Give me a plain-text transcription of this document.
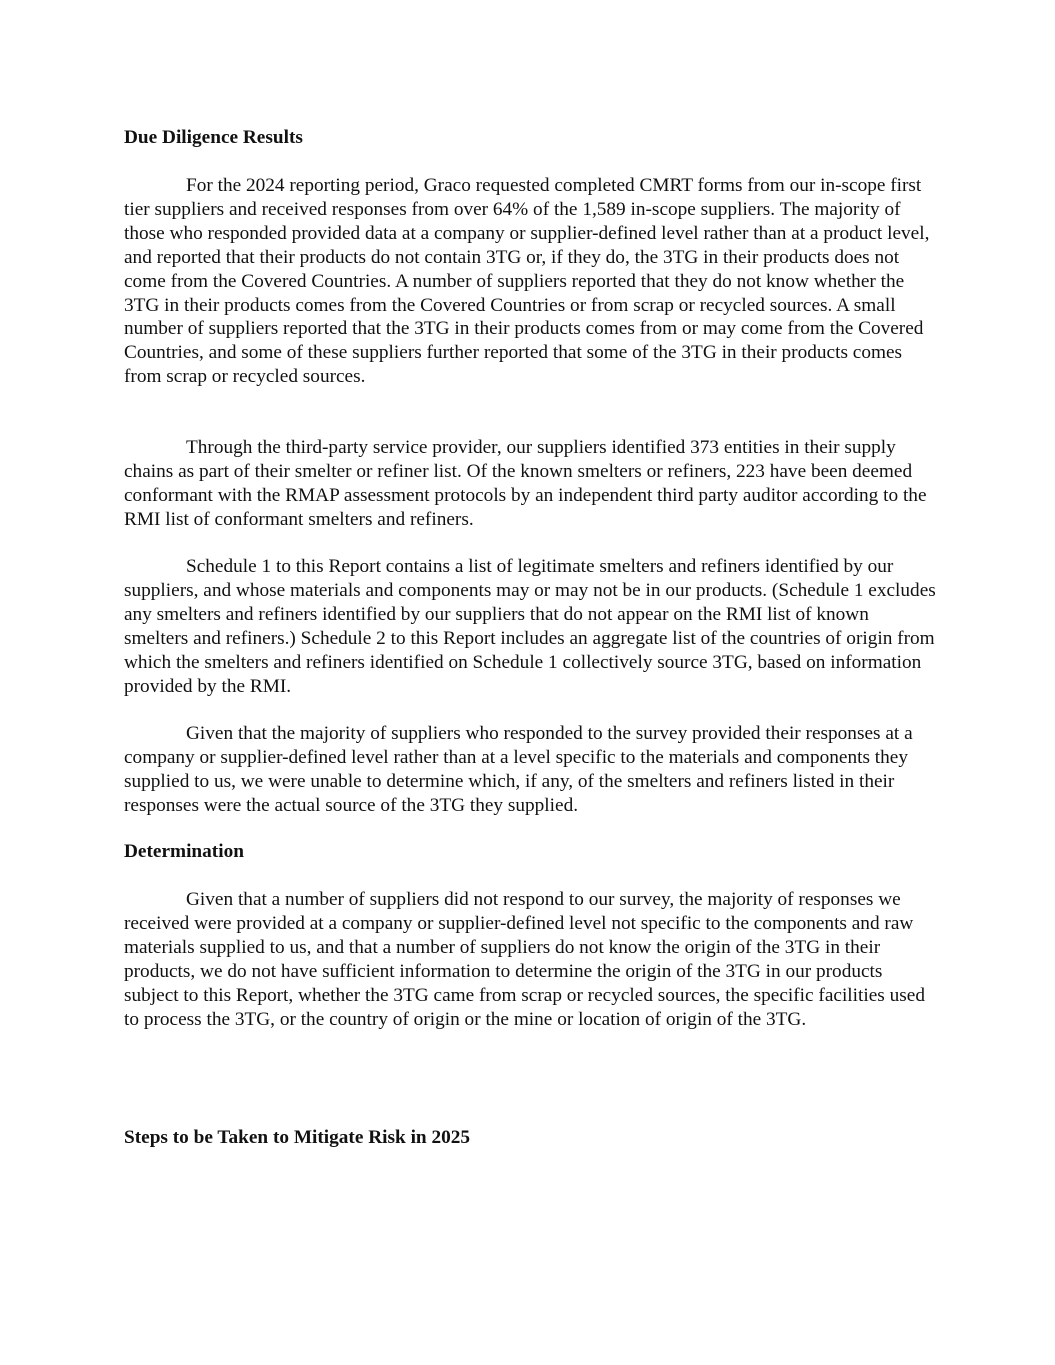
Due Diligence Results

For the 2024 reporting period, Graco requested completed CMRT forms from our in-scope first tier suppliers and received responses from over 64% of the 1,589 in-scope suppliers. The majority of those who responded provided data at a company or supplier-defined level rather than at a product level, and reported that their products do not contain 3TG or, if they do, the 3TG in their products does not come from the Covered Countries. A number of suppliers reported that they do not know whether the 3TG in their products comes from the Covered Countries or from scrap or recycled sources. A small number of suppliers reported that the 3TG in their products comes from or may come from the Covered Countries, and some of these suppliers further reported that some of the 3TG in their products comes from scrap or recycled sources.

Through the third-party service provider, our suppliers identified 373 entities in their supply chains as part of their smelter or refiner list. Of the known smelters or refiners, 223 have been deemed conformant with the RMAP assessment protocols by an independent third party auditor according to the RMI list of conformant smelters and refiners.

Schedule 1 to this Report contains a list of legitimate smelters and refiners identified by our suppliers, and whose materials and components may or may not be in our products. (Schedule 1 excludes any smelters and refiners identified by our suppliers that do not appear on the RMI list of known smelters and refiners.) Schedule 2 to this Report includes an aggregate list of the countries of origin from which the smelters and refiners identified on Schedule 1 collectively source 3TG, based on information provided by the RMI.

Given that the majority of suppliers who responded to the survey provided their responses at a company or supplier-defined level rather than at a level specific to the materials and components they supplied to us, we were unable to determine which, if any, of the smelters and refiners listed in their responses were the actual source of the 3TG they supplied.

Determination

Given that a number of suppliers did not respond to our survey, the majority of responses we received were provided at a company or supplier-defined level not specific to the components and raw materials supplied to us, and that a number of suppliers do not know the origin of the 3TG in their products, we do not have sufficient information to determine the origin of the 3TG in our products subject to this Report, whether the 3TG came from scrap or recycled sources, the specific facilities used to process the 3TG, or the country of origin or the mine or location of origin of the 3TG.

Steps to be Taken to Mitigate Risk in 2025
